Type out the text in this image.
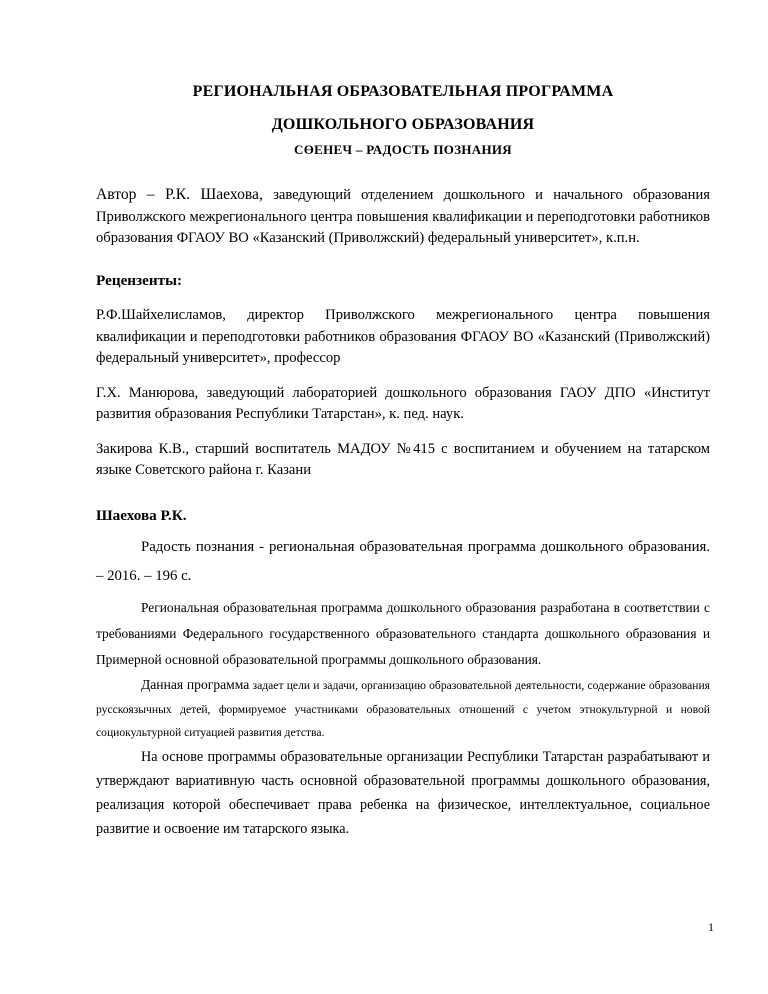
РЕГИОНАЛЬНАЯ ОБРАЗОВАТЕЛЬНАЯ ПРОГРАММА
ДОШКОЛЬНОГО ОБРАЗОВАНИЯ
СӨЕНЕЧ – РАДОСТЬ ПОЗНАНИЯ

Автор – Р.К. Шаехова, заведующий отделением дошкольного и начального образования Приволжского межрегионального центра повышения квалификации и переподготовки работников образования ФГАОУ ВО «Казанский (Приволжский) федеральный университет», к.п.н.

Рецензенты:

Р.Ф.Шайхелисламов, директор Приволжского межрегионального центра повышения квалификации и переподготовки работников образования ФГАОУ ВО «Казанский (Приволжский) федеральный университет», профессор

Г.Х. Манюрова, заведующий лабораторией дошкольного образования ГАОУ ДПО «Институт развития образования Республики Татарстан», к. пед. наук.

Закирова К.В., старший воспитатель МАДОУ №415 с воспитанием и обучением на татарском языке Советского района г. Казани

Шаехова Р.К.

Радость познания - региональная образовательная программа дошкольного образования. – 2016. – 196 с.

Региональная образовательная программа дошкольного образования разработана в соответствии с требованиями Федерального государственного образовательного стандарта дошкольного образования и Примерной основной образовательной программы дошкольного образования.

Данная программа задает цели и задачи, организацию образовательной деятельности, содержание образования русскоязычных детей, формируемое участниками образовательных отношений с учетом этнокультурной и новой социокультурной ситуацией развития детства.

На основе программы образовательные организации Республики Татарстан разрабатывают и утверждают вариативную часть основной образовательной программы дошкольного образования, реализация которой обеспечивает права ребенка на физическое, интеллектуальное, социальное развитие и освоение им татарского языка.

1
